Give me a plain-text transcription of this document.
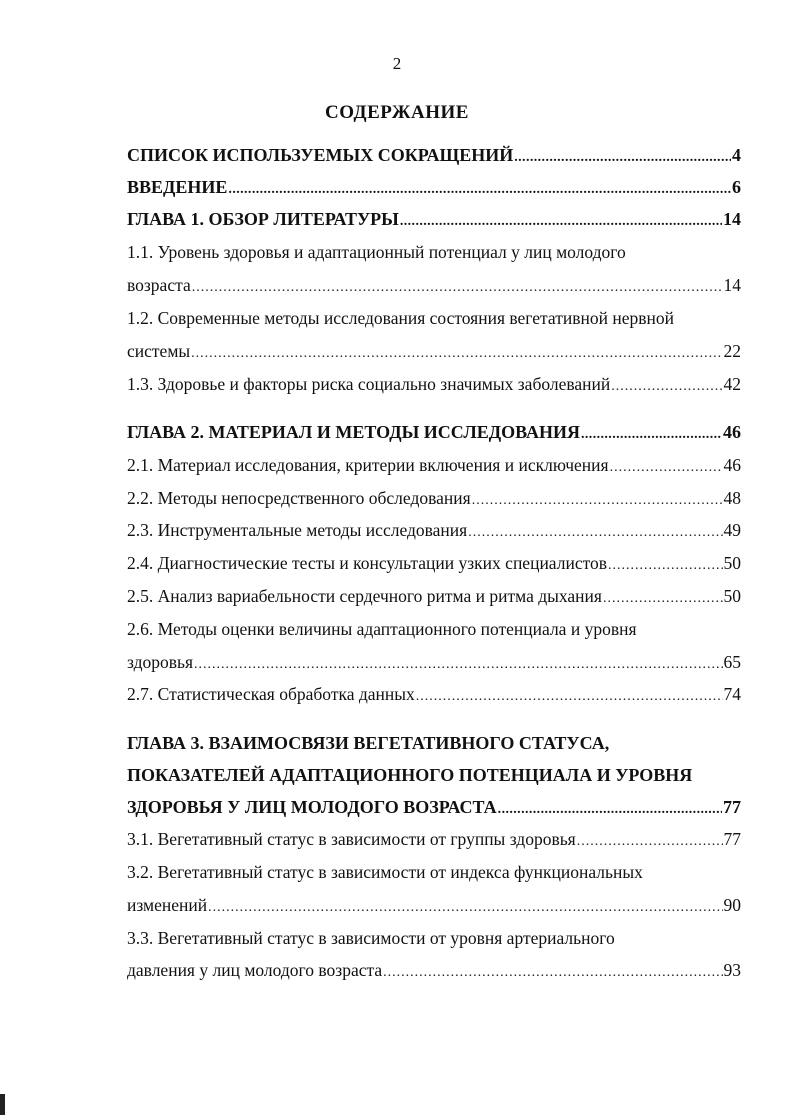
2
СОДЕРЖАНИЕ
СПИСОК ИСПОЛЬЗУЕМЫХ СОКРАЩЕНИЙ .....	4
ВВЕДЕНИЕ .....	6
ГЛАВА 1. ОБЗОР ЛИТЕРАТУРЫ .....	14
1.1. Уровень здоровья и адаптационный потенциал у лиц молодого
возраста .....	14
1.2. Современные методы исследования состояния вегетативной нервной
системы .....	22
1.3. Здоровье и факторы риска социально значимых заболеваний .....	42
ГЛАВА 2. МАТЕРИАЛ И МЕТОДЫ ИССЛЕДОВАНИЯ .....	46
2.1. Материал исследования, критерии включения и исключения .....	46
2.2. Методы непосредственного обследования .....	48
2.3. Инструментальные методы исследования .....	49
2.4. Диагностические тесты и консультации узких специалистов .....	50
2.5. Анализ вариабельности сердечного ритма и ритма дыхания .....	50
2.6. Методы оценки величины адаптационного потенциала и уровня
здоровья .....	65
2.7. Статистическая обработка данных .....	74
ГЛАВА 3. ВЗАИМОСВЯЗИ ВЕГЕТАТИВНОГО СТАТУСА,
ПОКАЗАТЕЛЕЙ АДАПТАЦИОННОГО ПОТЕНЦИАЛА И УРОВНЯ
ЗДОРОВЬЯ У ЛИЦ МОЛОДОГО ВОЗРАСТА .....	77
3.1. Вегетативный статус в зависимости от группы здоровья .....	77
3.2. Вегетативный статус в зависимости от индекса функциональных
изменений .....	90
3.3. Вегетативный статус в зависимости от уровня артериального
давления у лиц молодого возраста .....	93
